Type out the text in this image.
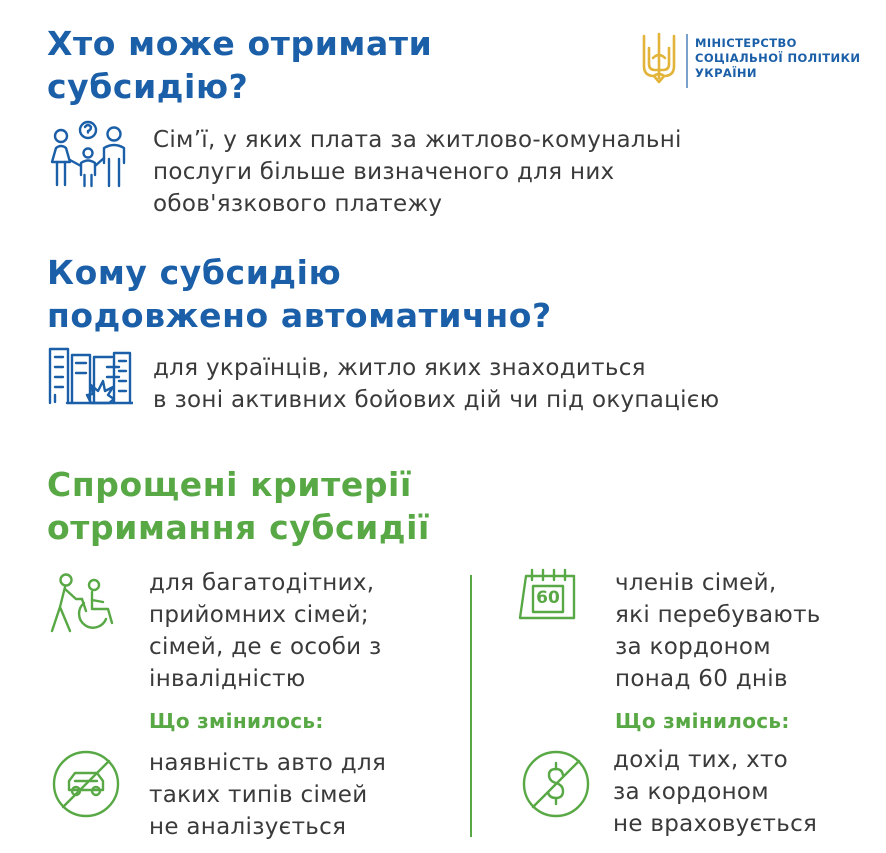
Хто може отримати
субсидію?
МІНІСТЕРСТВО
СОЦІАЛЬНОЇ ПОЛІТИКИ
УКРАЇНИ
Сім’ї, у яких плата за житлово-комунальні
послуги більше визначеного для них
обов'язкового платежу
Кому субсидію
подовжено автоматично?
для українців, житло яких знаходиться
в зоні активних бойових дій чи під окупацією
Спрощені критерії
отримання субсидії
для багатодітних,
прийомних сімей;
сімей, де є особи з
інвалідністю
Що змінилось:
наявність авто для
таких типів сімей
не аналізується
60
членів сімей,
які перебувають
за кордоном
понад 60 днів
Що змінилось:
дохід тих, хто
за кордоном
не враховується
